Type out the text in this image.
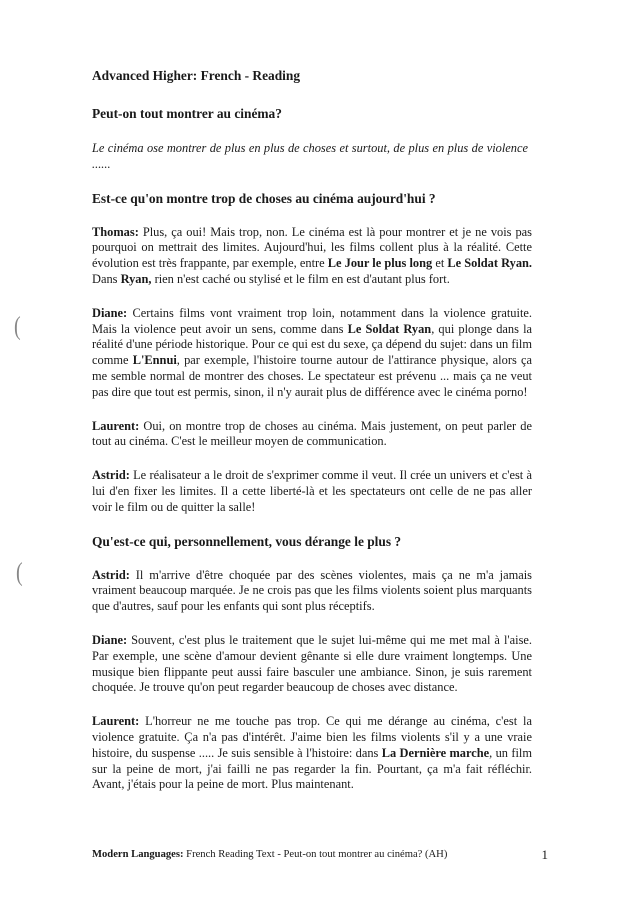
(
(

Advanced Higher: French - Reading

Peut-on tout montrer au cinéma?

Le cinéma ose montrer de plus en plus de choses et surtout, de plus en plus de violence ......

Est-ce qu'on montre trop de choses au cinéma aujourd'hui ?

Thomas: Plus, ça oui! Mais trop, non. Le cinéma est là pour montrer et je ne vois pas pourquoi on mettrait des limites. Aujourd'hui, les films collent plus à la réalité. Cette évolution est très frappante, par exemple, entre Le Jour le plus long et Le Soldat Ryan. Dans Ryan, rien n'est caché ou stylisé et le film en est d'autant plus fort.

Diane: Certains films vont vraiment trop loin, notamment dans la violence gratuite. Mais la violence peut avoir un sens, comme dans Le Soldat Ryan, qui plonge dans la réalité d'une période historique. Pour ce qui est du sexe, ça dépend du sujet: dans un film comme L'Ennui, par exemple, l'histoire tourne autour de l'attirance physique, alors ça me semble normal de montrer des choses. Le spectateur est prévenu ... mais ça ne veut pas dire que tout est permis, sinon, il n'y aurait plus de différence avec le cinéma porno!

Laurent: Oui, on montre trop de choses au cinéma. Mais justement, on peut parler de tout au cinéma. C'est le meilleur moyen de communication.

Astrid: Le réalisateur a le droit de s'exprimer comme il veut. Il crée un univers et c'est à lui d'en fixer les limites. Il a cette liberté-là et les spectateurs ont celle de ne pas aller voir le film ou de quitter la salle!

Qu'est-ce qui, personnellement, vous dérange le plus ?

Astrid: Il m'arrive d'être choquée par des scènes violentes, mais ça ne m'a jamais vraiment beaucoup marquée. Je ne crois pas que les films violents soient plus marquants que d'autres, sauf pour les enfants qui sont plus réceptifs.

Diane: Souvent, c'est plus le traitement que le sujet lui-même qui me met mal à l'aise. Par exemple, une scène d'amour devient gênante si elle dure vraiment longtemps. Une musique bien flippante peut aussi faire basculer une ambiance. Sinon, je suis rarement choquée. Je trouve qu'on peut regarder beaucoup de choses avec distance.

Laurent: L'horreur ne me touche pas trop. Ce qui me dérange au cinéma, c'est la violence gratuite. Ça n'a pas d'intérêt. J'aime bien les films violents s'il y a une vraie histoire, du suspense ..... Je suis sensible à l'histoire: dans La Dernière marche, un film sur la peine de mort, j'ai failli ne pas regarder la fin. Pourtant, ça m'a fait réfléchir. Avant, j'étais pour la peine de mort. Plus maintenant.

Modern Languages: French Reading Text - Peut-on tout montrer au cinéma? (AH)	1
